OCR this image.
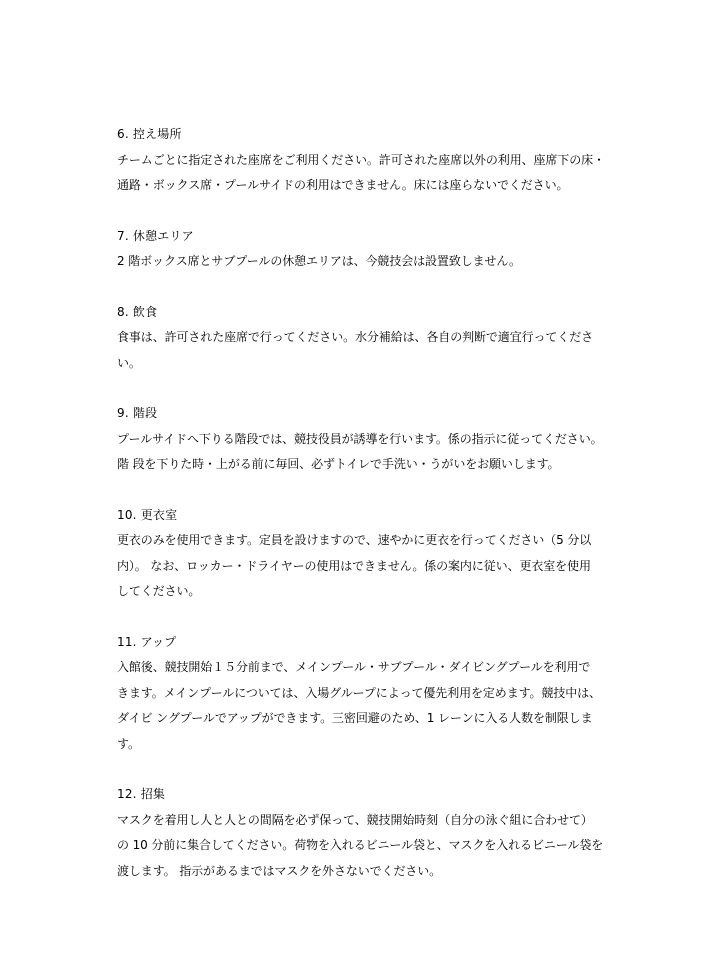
6. 控え場所
チームごとに指定された座席をご利用ください。許可された座席以外の利用、座席下の床・
通路・ボックス席・プールサイドの利用はできません。床には座らないでください。
7. 休憩エリア
2 階ボックス席とサブプールの休憩エリアは、今競技会は設置致しません。
8. 飲食
食事は、許可された座席で行ってください。水分補給は、各自の判断で適宜行ってくださ
い。
9. 階段
プールサイドへ下りる階段では、競技役員が誘導を行います。係の指示に従ってください。
階 段を下りた時・上がる前に毎回、必ずトイレで手洗い・うがいをお願いします。
10. 更衣室
更衣のみを使用できます。定員を設けますので、速やかに更衣を行ってください（5 分以
内）。 なお、ロッカー・ドライヤーの使用はできません。係の案内に従い、更衣室を使用
してください。
11. アップ
入館後、競技開始１５分前まで、メインプール・サブプール・ダイビングプールを利用で
きます。メインプールについては、入場グループによって優先利用を定めます。競技中は、
ダイビ ングプールでアップができます。三密回避のため、1 レーンに入る人数を制限しま
す。
12. 招集
マスクを着用し人と人との間隔を必ず保って、競技開始時刻（自分の泳ぐ組に合わせて）
の 10 分前に集合してください。荷物を入れるビニール袋と、マスクを入れるビニール袋を
渡します。 指示があるまではマスクを外さないでください。
